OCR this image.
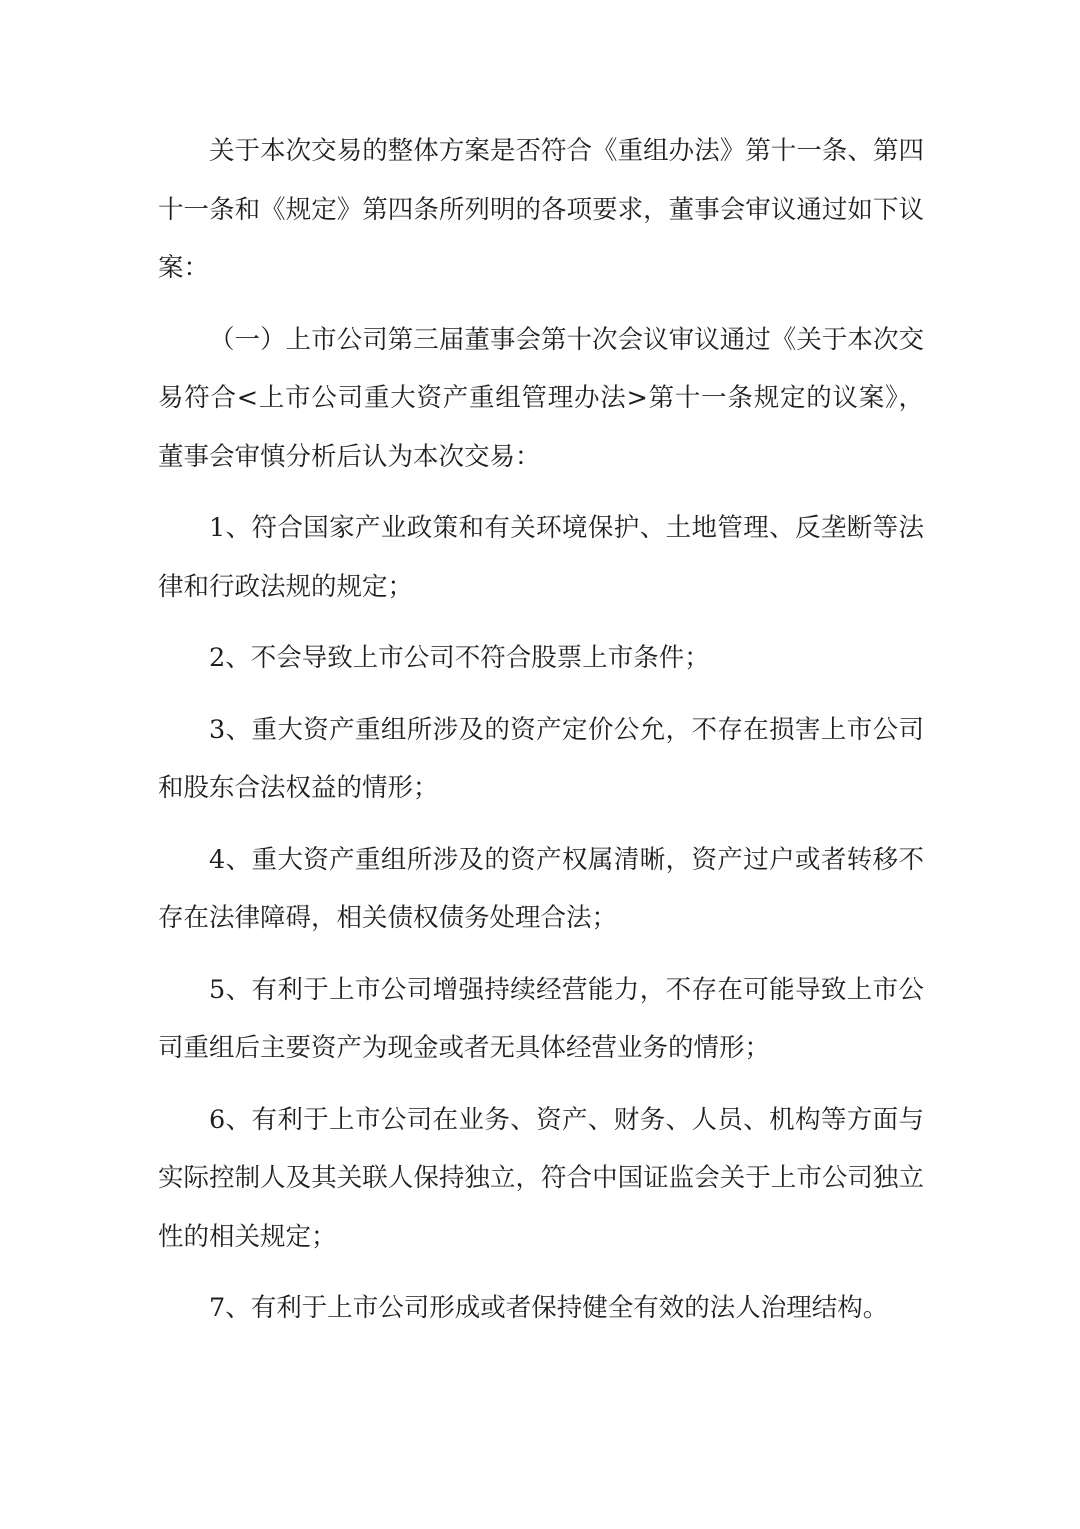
关于本次交易的整体方案是否符合《重组办法》第十一条、第四十一条和《规定》第四条所列明的各项要求，董事会审议通过如下议案：

（一）上市公司第三届董事会第十次会议审议通过《关于本次交易符合<上市公司重大资产重组管理办法>第十一条规定的议案》，董事会审慎分析后认为本次交易：

1、符合国家产业政策和有关环境保护、土地管理、反垄断等法律和行政法规的规定；

2、不会导致上市公司不符合股票上市条件；

3、重大资产重组所涉及的资产定价公允，不存在损害上市公司和股东合法权益的情形；

4、重大资产重组所涉及的资产权属清晰，资产过户或者转移不存在法律障碍，相关债权债务处理合法；

5、有利于上市公司增强持续经营能力，不存在可能导致上市公司重组后主要资产为现金或者无具体经营业务的情形；

6、有利于上市公司在业务、资产、财务、人员、机构等方面与实际控制人及其关联人保持独立，符合中国证监会关于上市公司独立性的相关规定；

7、有利于上市公司形成或者保持健全有效的法人治理结构。
